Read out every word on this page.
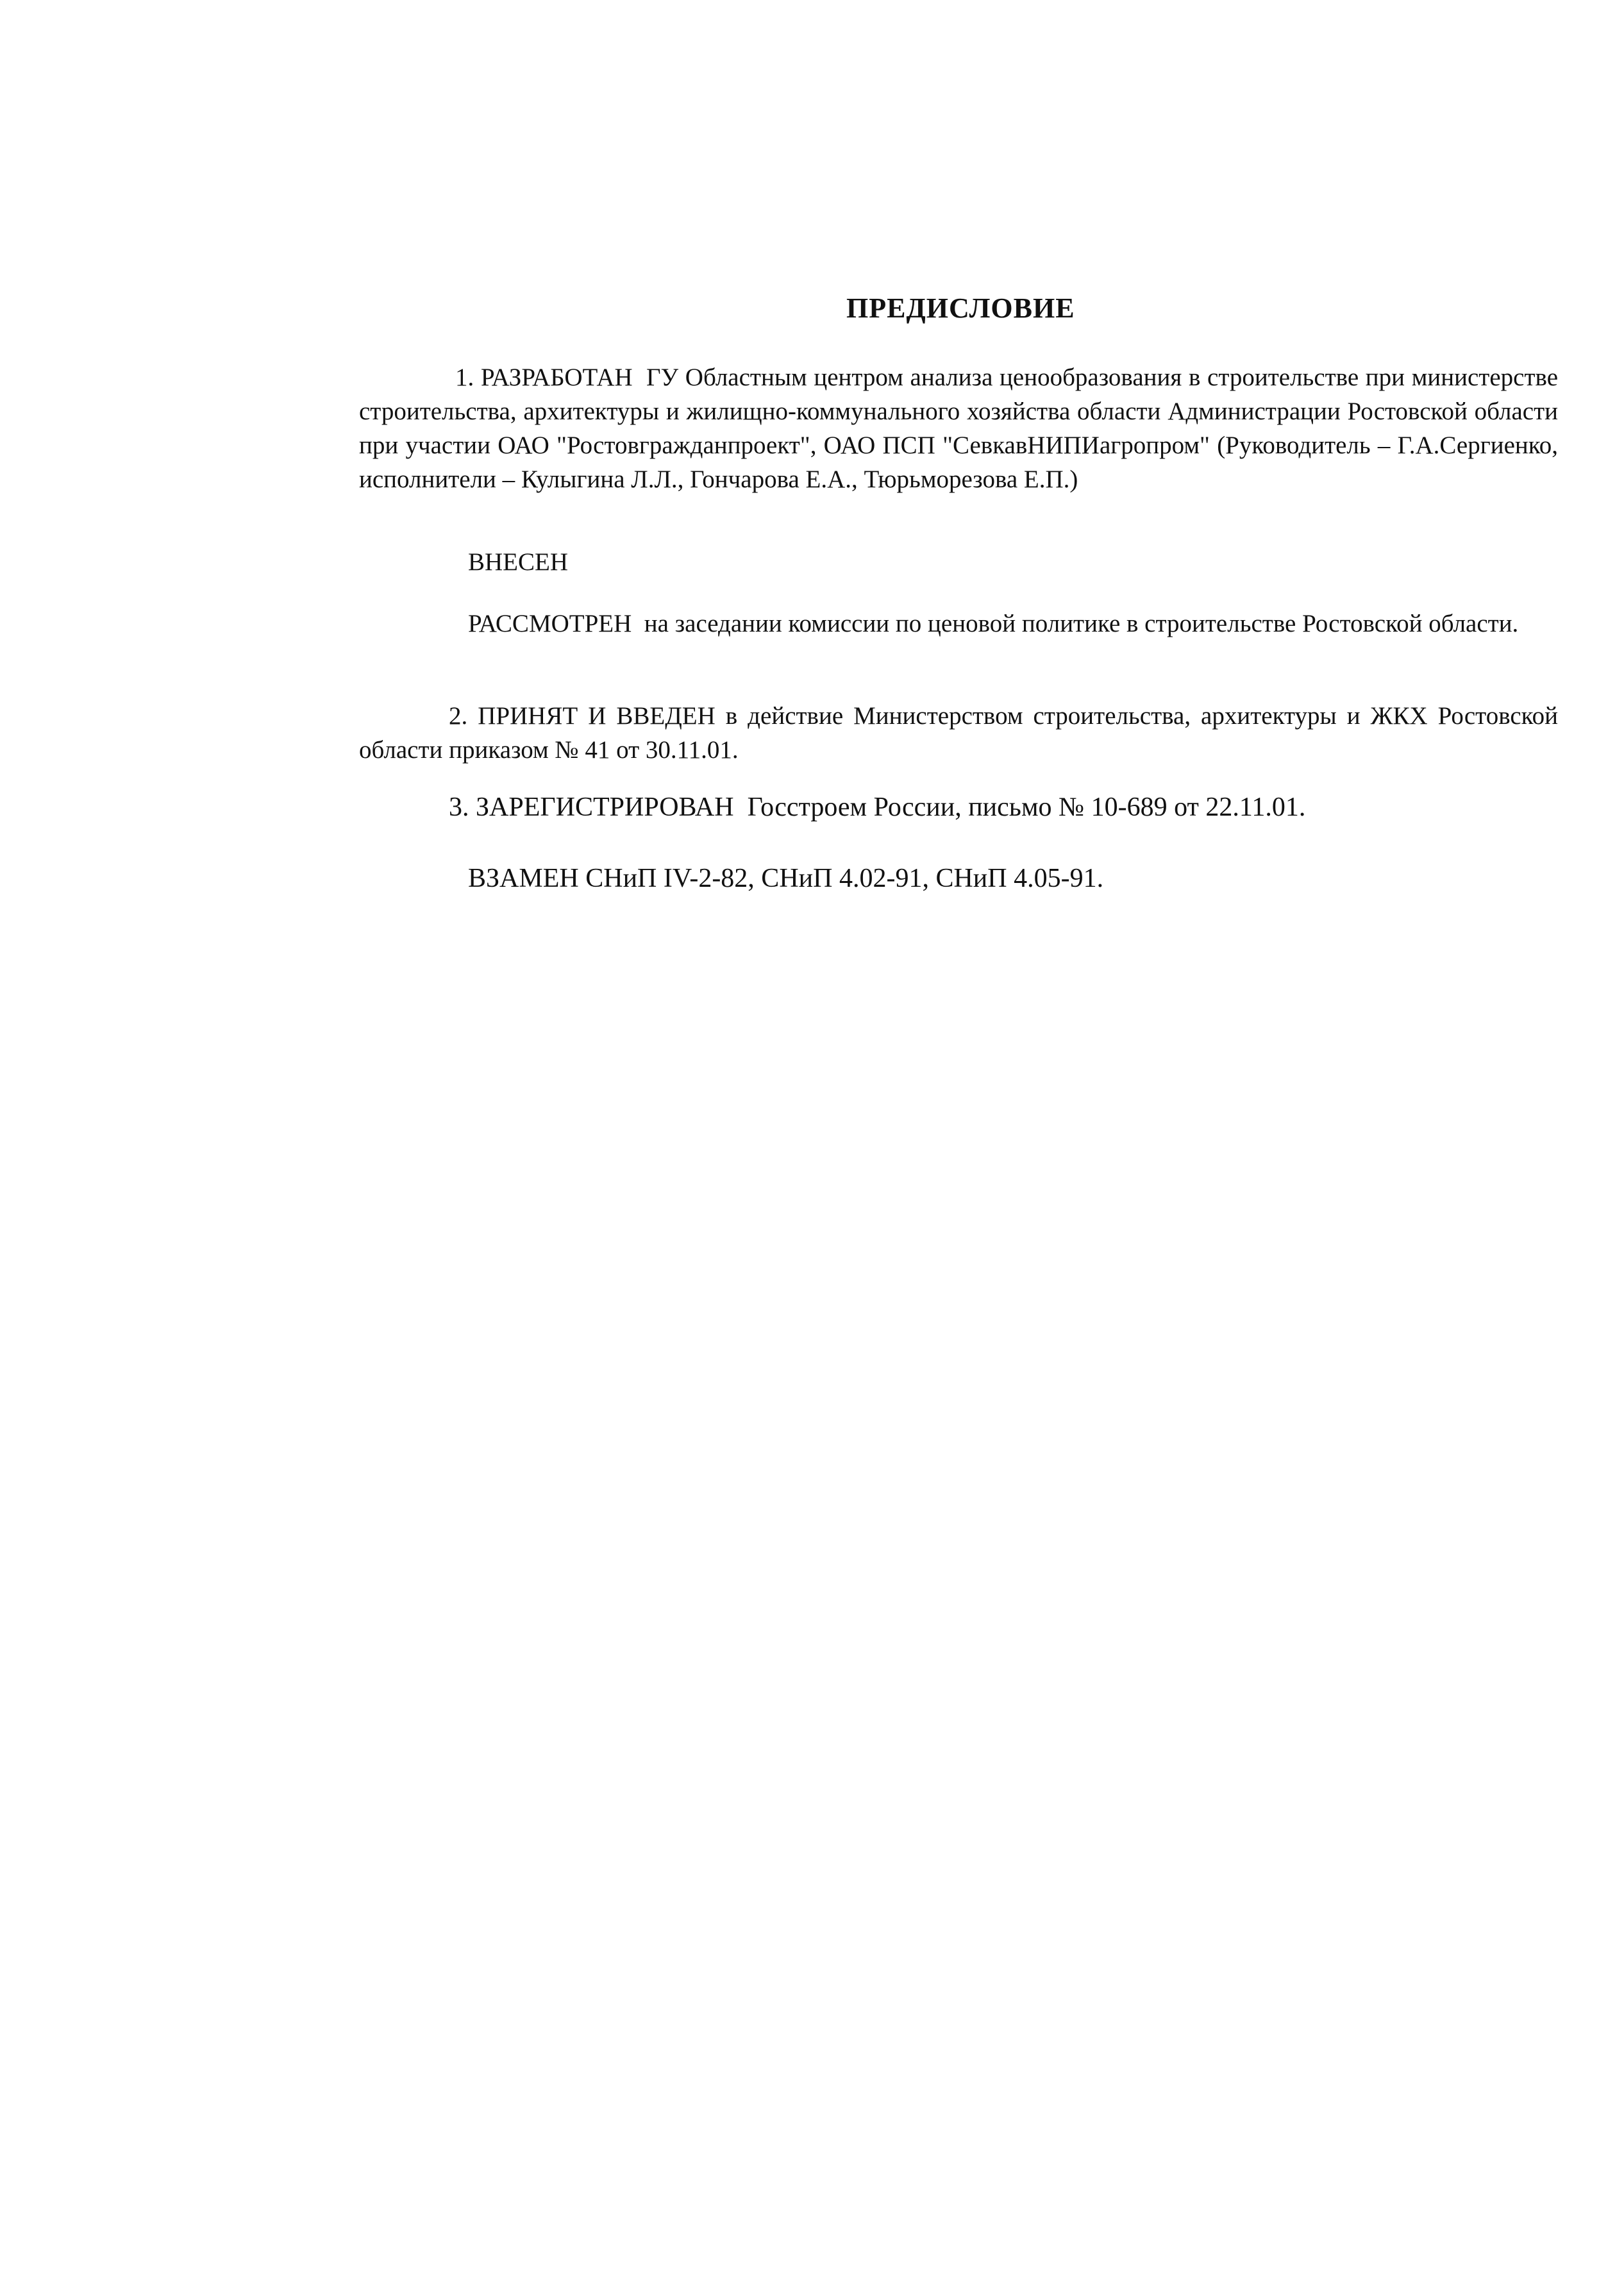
ПРЕДИСЛОВИЕ
1. РАЗРАБОТАН ГУ Областным центром анализа ценообразования в строительстве при министерстве строительства, архитектуры и жилищно-коммунального хозяйства области Администрации Ростовской области при участии ОАО "Ростовгражданпроект", ОАО ПСП "СевкавНИПИагропром" (Руководитель – Г.А.Сергиенко, исполнители – Кулыгина Л.Л., Гончарова Е.А., Тюрьморезова Е.П.)
ВНЕСЕН
РАССМОТРЕН на заседании комиссии по ценовой политике в строительстве Ростовской области.
2. ПРИНЯТ И ВВЕДЕН в действие Министерством строительства, архитектуры и ЖКХ Ростовской области приказом № 41 от 30.11.01.
3. ЗАРЕГИСТРИРОВАН Госстроем России, письмо № 10-689 от 22.11.01.
ВЗАМЕН СНиП IV-2-82, СНиП 4.02-91, СНиП 4.05-91.
